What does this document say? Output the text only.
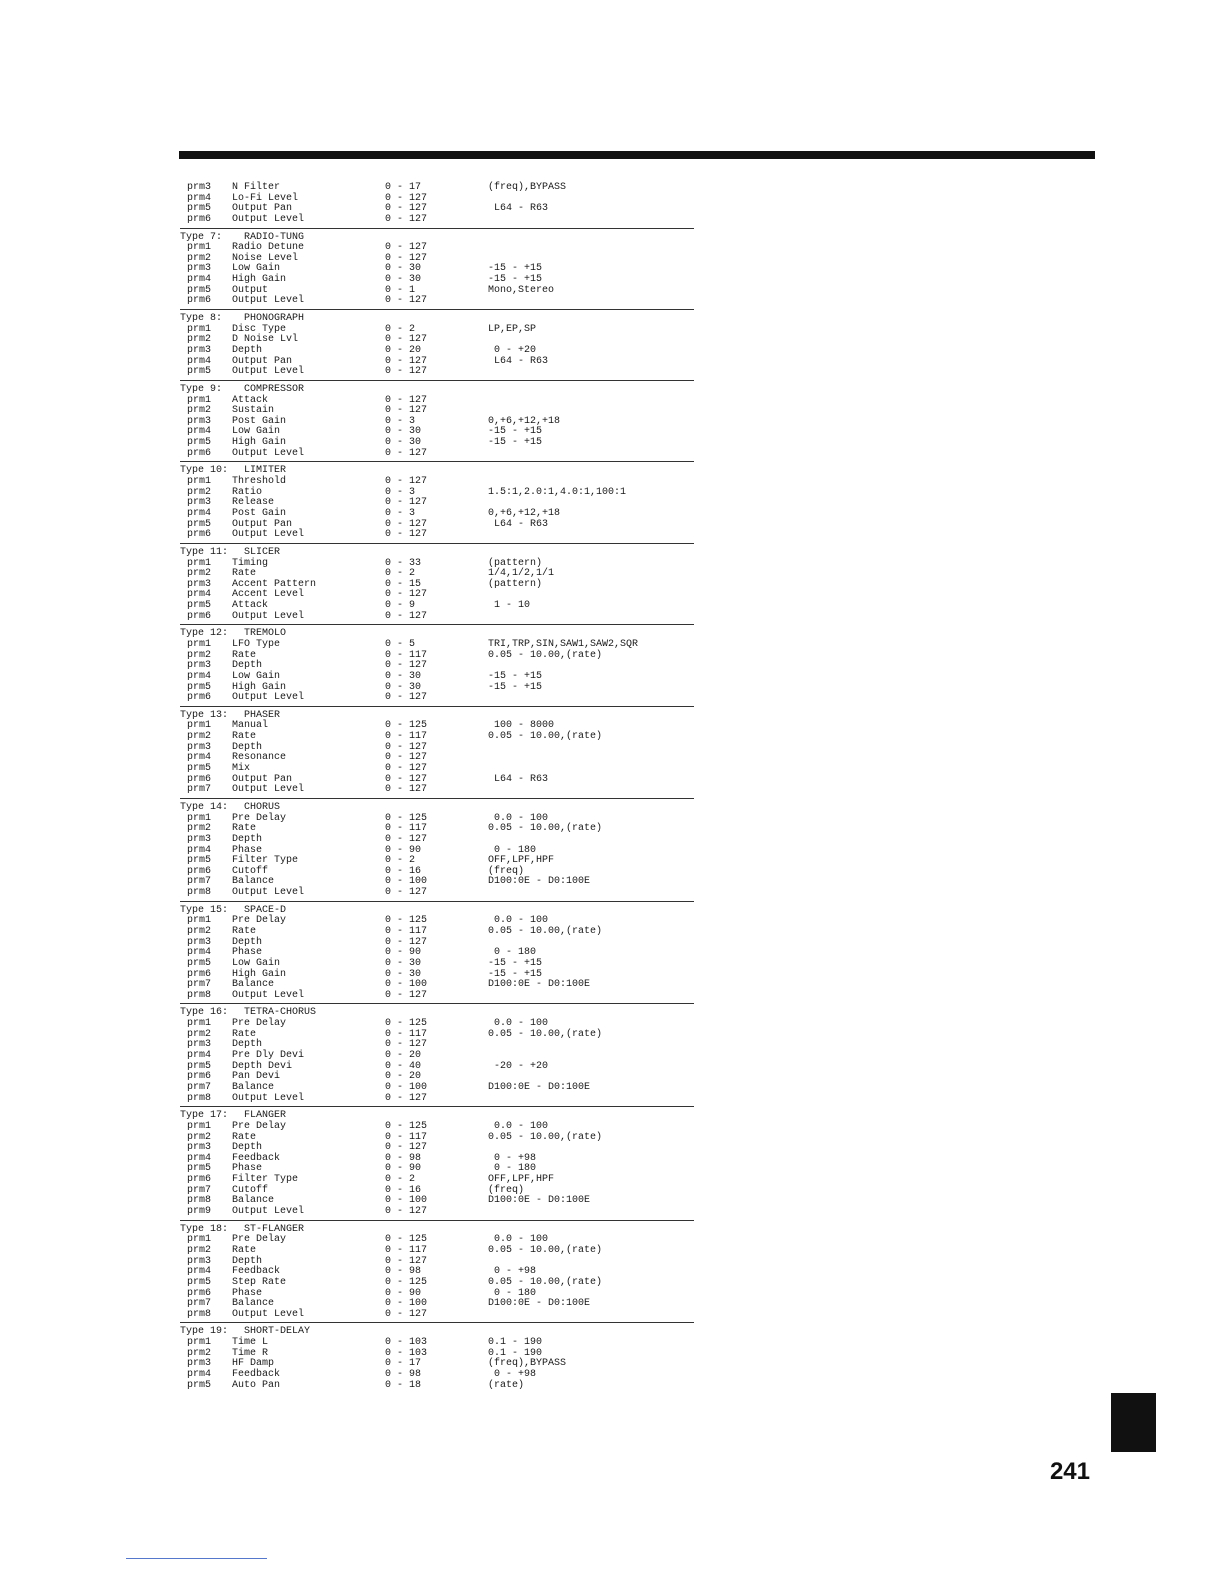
prm3 N Filter	0 - 17	(freq),BYPASS
prm4 Lo-Fi Level	0 - 127
prm5 Output Pan	0 - 127	L64 - R63
prm6 Output Level	0 - 127
Type 7: RADIO-TUNG
prm1 Radio Detune	0 - 127
prm2 Noise Level	0 - 127
prm3 Low Gain	0 - 30	-15 - +15
prm4 High Gain	0 - 30	-15 - +15
prm5 Output	0 - 1	Mono,Stereo
prm6 Output Level	0 - 127
Type 8: PHONOGRAPH
prm1 Disc Type	0 - 2	LP,EP,SP
prm2 D Noise Lvl	0 - 127
prm3 Depth	0 - 20	0 - +20
prm4 Output Pan	0 - 127	L64 - R63
prm5 Output Level	0 - 127
Type 9: COMPRESSOR
prm1 Attack	0 - 127
prm2 Sustain	0 - 127
prm3 Post Gain	0 - 3	0,+6,+12,+18
prm4 Low Gain	0 - 30	-15 - +15
prm5 High Gain	0 - 30	-15 - +15
prm6 Output Level	0 - 127
Type 10: LIMITER
prm1 Threshold	0 - 127
prm2 Ratio	0 - 3	1.5:1,2.0:1,4.0:1,100:1
prm3 Release	0 - 127
prm4 Post Gain	0 - 3	0,+6,+12,+18
prm5 Output Pan	0 - 127	L64 - R63
prm6 Output Level	0 - 127
Type 11: SLICER
prm1 Timing	0 - 33	(pattern)
prm2 Rate	0 - 2	1/4,1/2,1/1
prm3 Accent Pattern	0 - 15	(pattern)
prm4 Accent Level	0 - 127
prm5 Attack	0 - 9	1 - 10
prm6 Output Level	0 - 127
Type 12: TREMOLO
prm1 LFO Type	0 - 5	TRI,TRP,SIN,SAW1,SAW2,SQR
prm2 Rate	0 - 117	0.05 - 10.00,(rate)
prm3 Depth	0 - 127
prm4 Low Gain	0 - 30	-15 - +15
prm5 High Gain	0 - 30	-15 - +15
prm6 Output Level	0 - 127
Type 13: PHASER
prm1 Manual	0 - 125	100 - 8000
prm2 Rate	0 - 117	0.05 - 10.00,(rate)
prm3 Depth	0 - 127
prm4 Resonance	0 - 127
prm5 Mix	0 - 127
prm6 Output Pan	0 - 127	L64 - R63
prm7 Output Level	0 - 127
Type 14: CHORUS
prm1 Pre Delay	0 - 125	0.0 - 100
prm2 Rate	0 - 117	0.05 - 10.00,(rate)
prm3 Depth	0 - 127
prm4 Phase	0 - 90	0 - 180
prm5 Filter Type	0 - 2	OFF,LPF,HPF
prm6 Cutoff	0 - 16	(freq)
prm7 Balance	0 - 100	D100:0E - D0:100E
prm8 Output Level	0 - 127
Type 15: SPACE-D
prm1 Pre Delay	0 - 125	0.0 - 100
prm2 Rate	0 - 117	0.05 - 10.00,(rate)
prm3 Depth	0 - 127
prm4 Phase	0 - 90	0 - 180
prm5 Low Gain	0 - 30	-15 - +15
prm6 High Gain	0 - 30	-15 - +15
prm7 Balance	0 - 100	D100:0E - D0:100E
prm8 Output Level	0 - 127
Type 16: TETRA-CHORUS
prm1 Pre Delay	0 - 125	0.0 - 100
prm2 Rate	0 - 117	0.05 - 10.00,(rate)
prm3 Depth	0 - 127
prm4 Pre Dly Devi	0 - 20
prm5 Depth Devi	0 - 40	-20 - +20
prm6 Pan Devi	0 - 20
prm7 Balance	0 - 100	D100:0E - D0:100E
prm8 Output Level	0 - 127
Type 17: FLANGER
prm1 Pre Delay	0 - 125	0.0 - 100
prm2 Rate	0 - 117	0.05 - 10.00,(rate)
prm3 Depth	0 - 127
prm4 Feedback	0 - 98	0 - +98
prm5 Phase	0 - 90	0 - 180
prm6 Filter Type	0 - 2	OFF,LPF,HPF
prm7 Cutoff	0 - 16	(freq)
prm8 Balance	0 - 100	D100:0E - D0:100E
prm9 Output Level	0 - 127
Type 18: ST-FLANGER
prm1 Pre Delay	0 - 125	0.0 - 100
prm2 Rate	0 - 117	0.05 - 10.00,(rate)
prm3 Depth	0 - 127
prm4 Feedback	0 - 98	0 - +98
prm5 Step Rate	0 - 125	0.05 - 10.00,(rate)
prm6 Phase	0 - 90	0 - 180
prm7 Balance	0 - 100	D100:0E - D0:100E
prm8 Output Level	0 - 127
Type 19: SHORT-DELAY
prm1 Time L	0 - 103	0.1 - 190
prm2 Time R	0 - 103	0.1 - 190
prm3 HF Damp	0 - 17	(freq),BYPASS
prm4 Feedback	0 - 98	0 - +98
prm5 Auto Pan	0 - 18	(rate)
241
